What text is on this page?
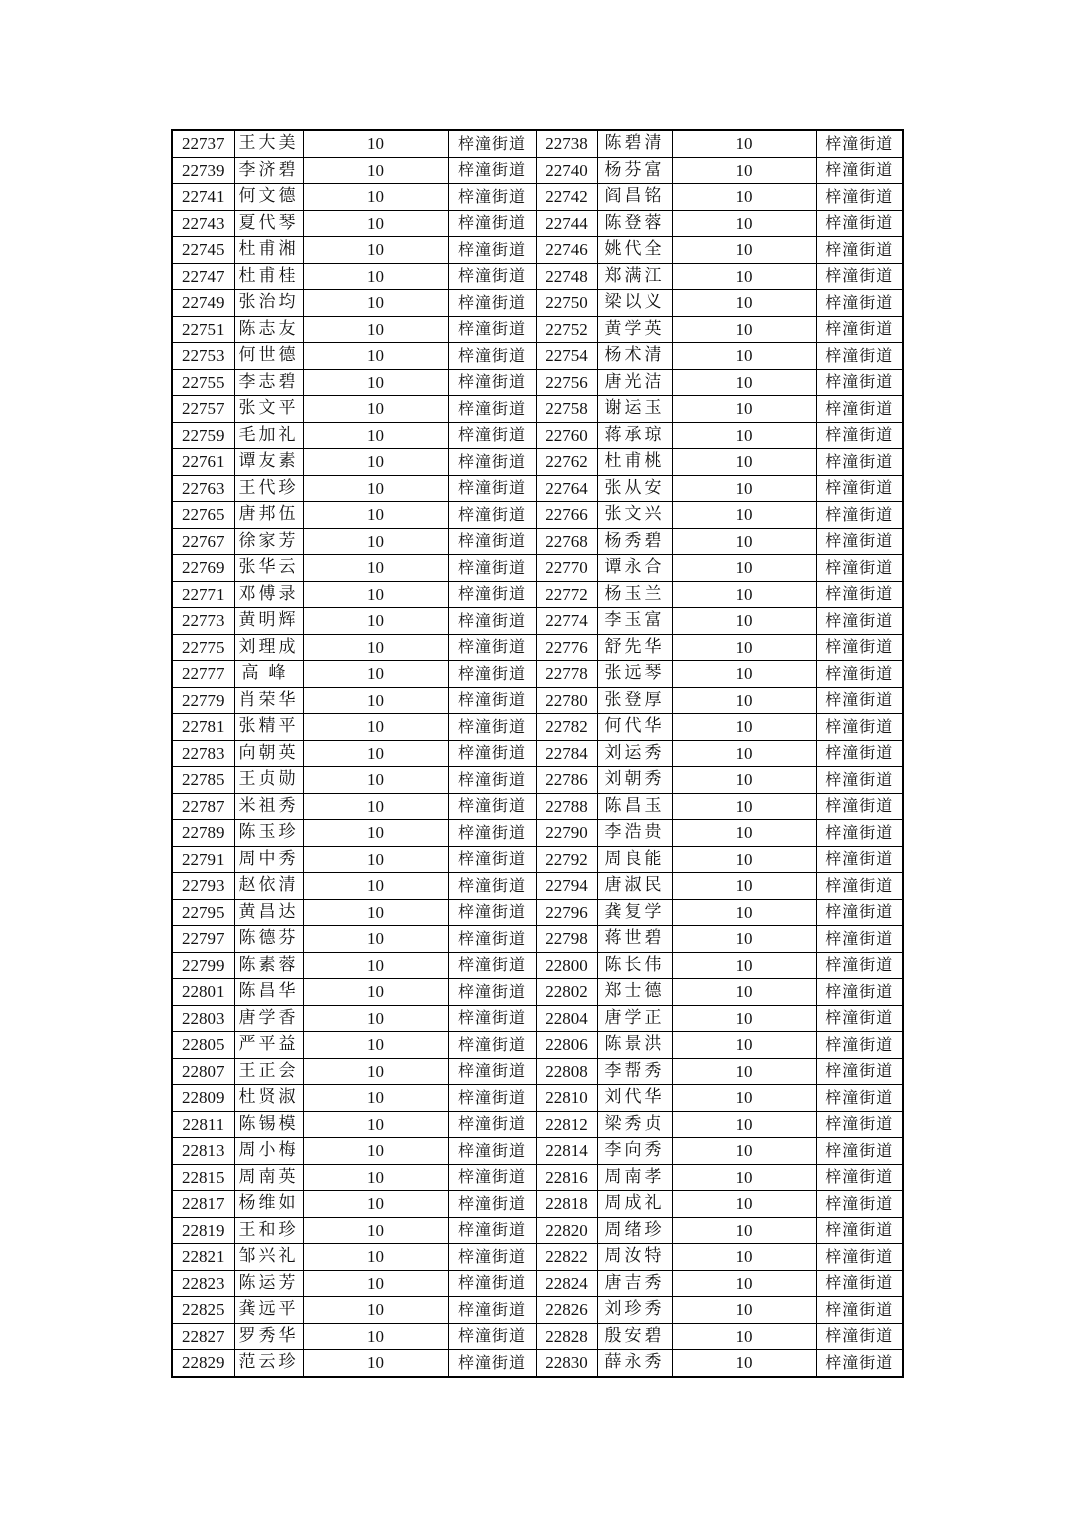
22737	王大美	10	梓潼街道	22738	陈碧清	10	梓潼街道
22739	李济碧	10	梓潼街道	22740	杨芬富	10	梓潼街道
22741	何文德	10	梓潼街道	22742	阎昌铭	10	梓潼街道
22743	夏代琴	10	梓潼街道	22744	陈登蓉	10	梓潼街道
22745	杜甫湘	10	梓潼街道	22746	姚代全	10	梓潼街道
22747	杜甫桂	10	梓潼街道	22748	郑满江	10	梓潼街道
22749	张治均	10	梓潼街道	22750	梁以义	10	梓潼街道
22751	陈志友	10	梓潼街道	22752	黄学英	10	梓潼街道
22753	何世德	10	梓潼街道	22754	杨术清	10	梓潼街道
22755	李志碧	10	梓潼街道	22756	唐光洁	10	梓潼街道
22757	张文平	10	梓潼街道	22758	谢运玉	10	梓潼街道
22759	毛加礼	10	梓潼街道	22760	蒋承琼	10	梓潼街道
22761	谭友素	10	梓潼街道	22762	杜甫桃	10	梓潼街道
22763	王代珍	10	梓潼街道	22764	张从安	10	梓潼街道
22765	唐邦伍	10	梓潼街道	22766	张文兴	10	梓潼街道
22767	徐家芳	10	梓潼街道	22768	杨秀碧	10	梓潼街道
22769	张华云	10	梓潼街道	22770	谭永合	10	梓潼街道
22771	邓傅录	10	梓潼街道	22772	杨玉兰	10	梓潼街道
22773	黄明辉	10	梓潼街道	22774	李玉富	10	梓潼街道
22775	刘理成	10	梓潼街道	22776	舒先华	10	梓潼街道
22777	高峰	10	梓潼街道	22778	张远琴	10	梓潼街道
22779	肖荣华	10	梓潼街道	22780	张登厚	10	梓潼街道
22781	张精平	10	梓潼街道	22782	何代华	10	梓潼街道
22783	向朝英	10	梓潼街道	22784	刘运秀	10	梓潼街道
22785	王贞勋	10	梓潼街道	22786	刘朝秀	10	梓潼街道
22787	米祖秀	10	梓潼街道	22788	陈昌玉	10	梓潼街道
22789	陈玉珍	10	梓潼街道	22790	李浩贵	10	梓潼街道
22791	周中秀	10	梓潼街道	22792	周良能	10	梓潼街道
22793	赵依清	10	梓潼街道	22794	唐淑民	10	梓潼街道
22795	黄昌达	10	梓潼街道	22796	龚复学	10	梓潼街道
22797	陈德芬	10	梓潼街道	22798	蒋世碧	10	梓潼街道
22799	陈素蓉	10	梓潼街道	22800	陈长伟	10	梓潼街道
22801	陈昌华	10	梓潼街道	22802	郑士德	10	梓潼街道
22803	唐学香	10	梓潼街道	22804	唐学正	10	梓潼街道
22805	严平益	10	梓潼街道	22806	陈景洪	10	梓潼街道
22807	王正会	10	梓潼街道	22808	李帮秀	10	梓潼街道
22809	杜贤淑	10	梓潼街道	22810	刘代华	10	梓潼街道
22811	陈锡模	10	梓潼街道	22812	梁秀贞	10	梓潼街道
22813	周小梅	10	梓潼街道	22814	李向秀	10	梓潼街道
22815	周南英	10	梓潼街道	22816	周南孝	10	梓潼街道
22817	杨维如	10	梓潼街道	22818	周成礼	10	梓潼街道
22819	王和珍	10	梓潼街道	22820	周绪珍	10	梓潼街道
22821	邹兴礼	10	梓潼街道	22822	周汝特	10	梓潼街道
22823	陈运芳	10	梓潼街道	22824	唐吉秀	10	梓潼街道
22825	龚远平	10	梓潼街道	22826	刘珍秀	10	梓潼街道
22827	罗秀华	10	梓潼街道	22828	殷安碧	10	梓潼街道
22829	范云珍	10	梓潼街道	22830	薛永秀	10	梓潼街道
